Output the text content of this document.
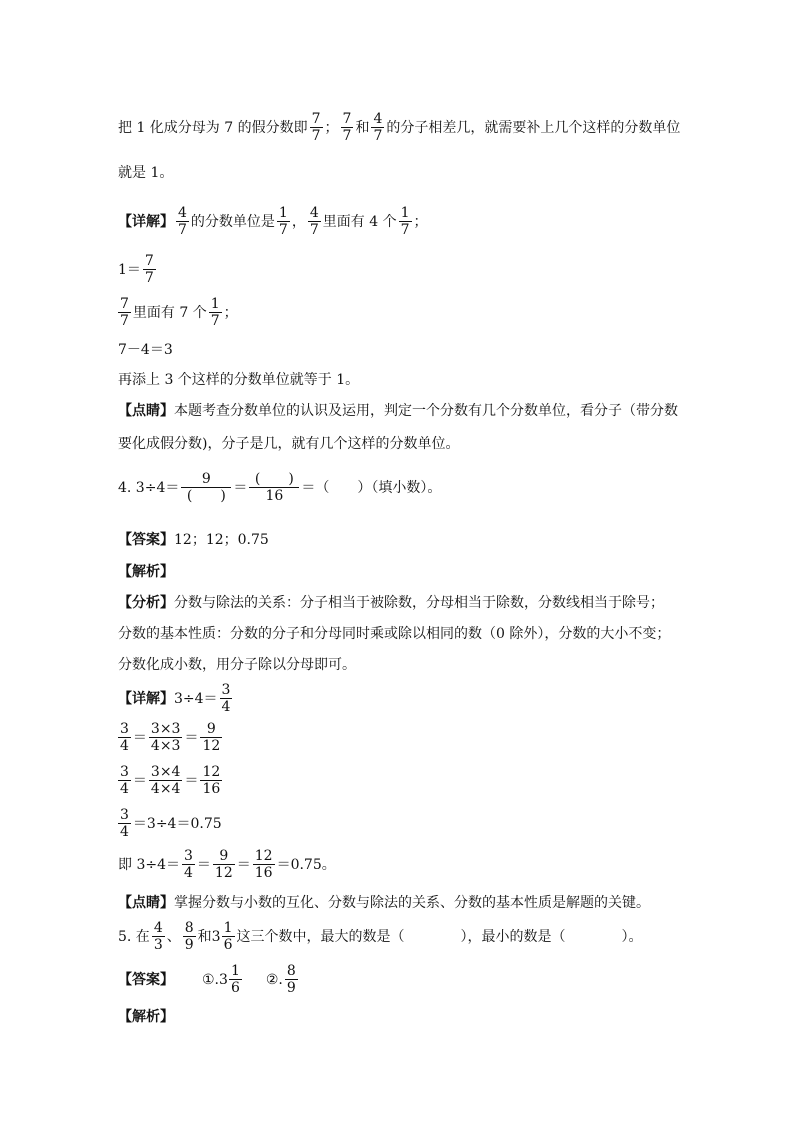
把 1 化成分母为 7 的假分数即 $\frac{7}{7}$ ； $\frac{7}{7}$ 和 $\frac{4}{7}$ 的分子相差几，就需要补上几个这样的分数单位
就是 1。
【详解】 $\frac{4}{7}$ 的分数单位是 $\frac{1}{7}$ ， $\frac{4}{7}$ 里面有 4 个 $\frac{1}{7}$ ；
$1= \frac{7}{7}$
$\frac{7}{7}$ 里面有 7 个 $\frac{1}{7}$ ；
7－4＝3
再添上 3 个这样的分数单位就等于 1。
【点睛】 本题考查分数单位的认识及运用，判定一个分数有几个分数单位，看分子（带分数
要化成假分数)，分子是几，就有几个这样的分数单位。
4. $3\div 4= \frac{9}{( )} = \frac{( )}{16}$ ＝（　　）（填小数）。
【答案】 12；12；0.75
【解析】
【分析】 分数与除法的关系：分子相当于被除数，分母相当于除数，分数线相当于除号；
分数的基本性质：分数的分子和分母同时乘或除以相同的数（0 除外），分数的大小不变；
分数化成小数，用分子除以分母即可。
【详解】 $3\div 4= \frac{3}{4}$
$\frac{3}{4} = \frac{3\times 3}{4\times 3} = \frac{9}{12}$
$\frac{3}{4} = \frac{3\times 4}{4\times 4} = \frac{12}{16}$
$\frac{3}{4} =3\div 4=0.75$
即 $3\div 4= \frac{3}{4} = \frac{9}{12} = \frac{12}{16} =0.75$。
【点睛】 掌握分数与小数的互化、分数与除法的关系、分数的基本性质是解题的关键。
5. 在 $\frac{4}{3}$ 、 $\frac{8}{9}$ 和 $3 \frac{1}{6}$ 这三个数中，最大的数是（　　　　），最小的数是（　　　　）。
【答案】 ①. $3 \frac{1}{6}$ ②. $\frac{8}{9}$
【解析】
